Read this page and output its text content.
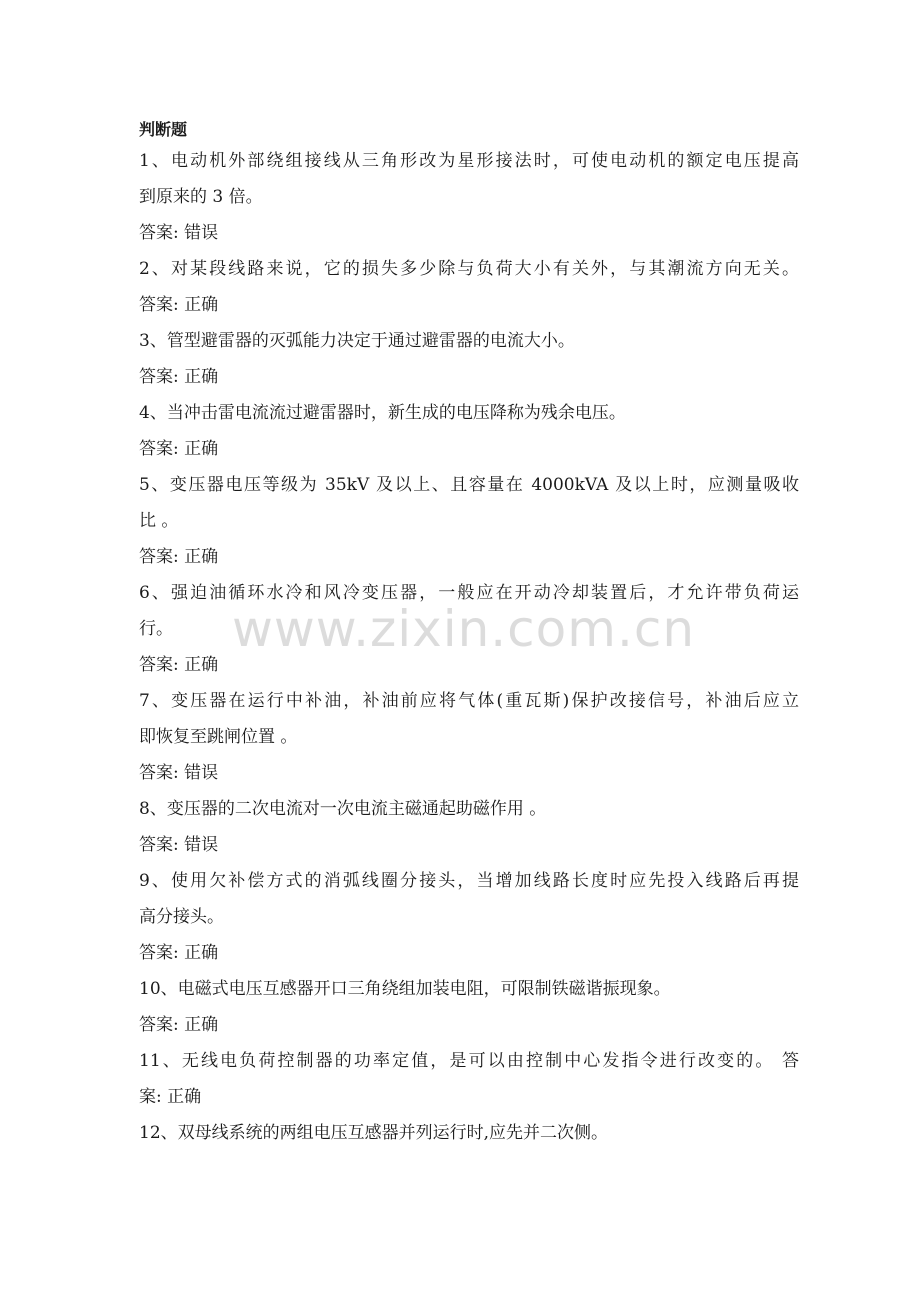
判断题
1、电动机外部绕组接线从三角形改为星形接法时，可使电动机的额定电压提高
到原来的 3 倍。
答案: 错误
2、对某段线路来说，它的损失多少除与负荷大小有关外，与其潮流方向无关。
答案: 正确
3、管型避雷器的灭弧能力决定于通过避雷器的电流大小。
答案: 正确
4、当冲击雷电流流过避雷器时，新生成的电压降称为残余电压。
答案: 正确
5、变压器电压等级为 35kV 及以上、且容量在 4000kVA 及以上时，应测量吸收
比 。
答案: 正确
6、强迫油循环水冷和风冷变压器，一般应在开动冷却装置后，才允许带负荷运
行。
答案: 正确
7、变压器在运行中补油，补油前应将气体(重瓦斯)保护改接信号，补油后应立
即恢复至跳闸位置 。
答案: 错误
8、变压器的二次电流对一次电流主磁通起助磁作用 。
答案: 错误
9、使用欠补偿方式的消弧线圈分接头，当增加线路长度时应先投入线路后再提
高分接头。
答案: 正确
10、电磁式电压互感器开口三角绕组加装电阻，可限制铁磁谐振现象。
答案: 正确
11、无线电负荷控制器的功率定值，是可以由控制中心发指令进行改变的。 答
案: 正确
12、双母线系统的两组电压互感器并列运行时,应先并二次侧。
www.zixin.com.cn
